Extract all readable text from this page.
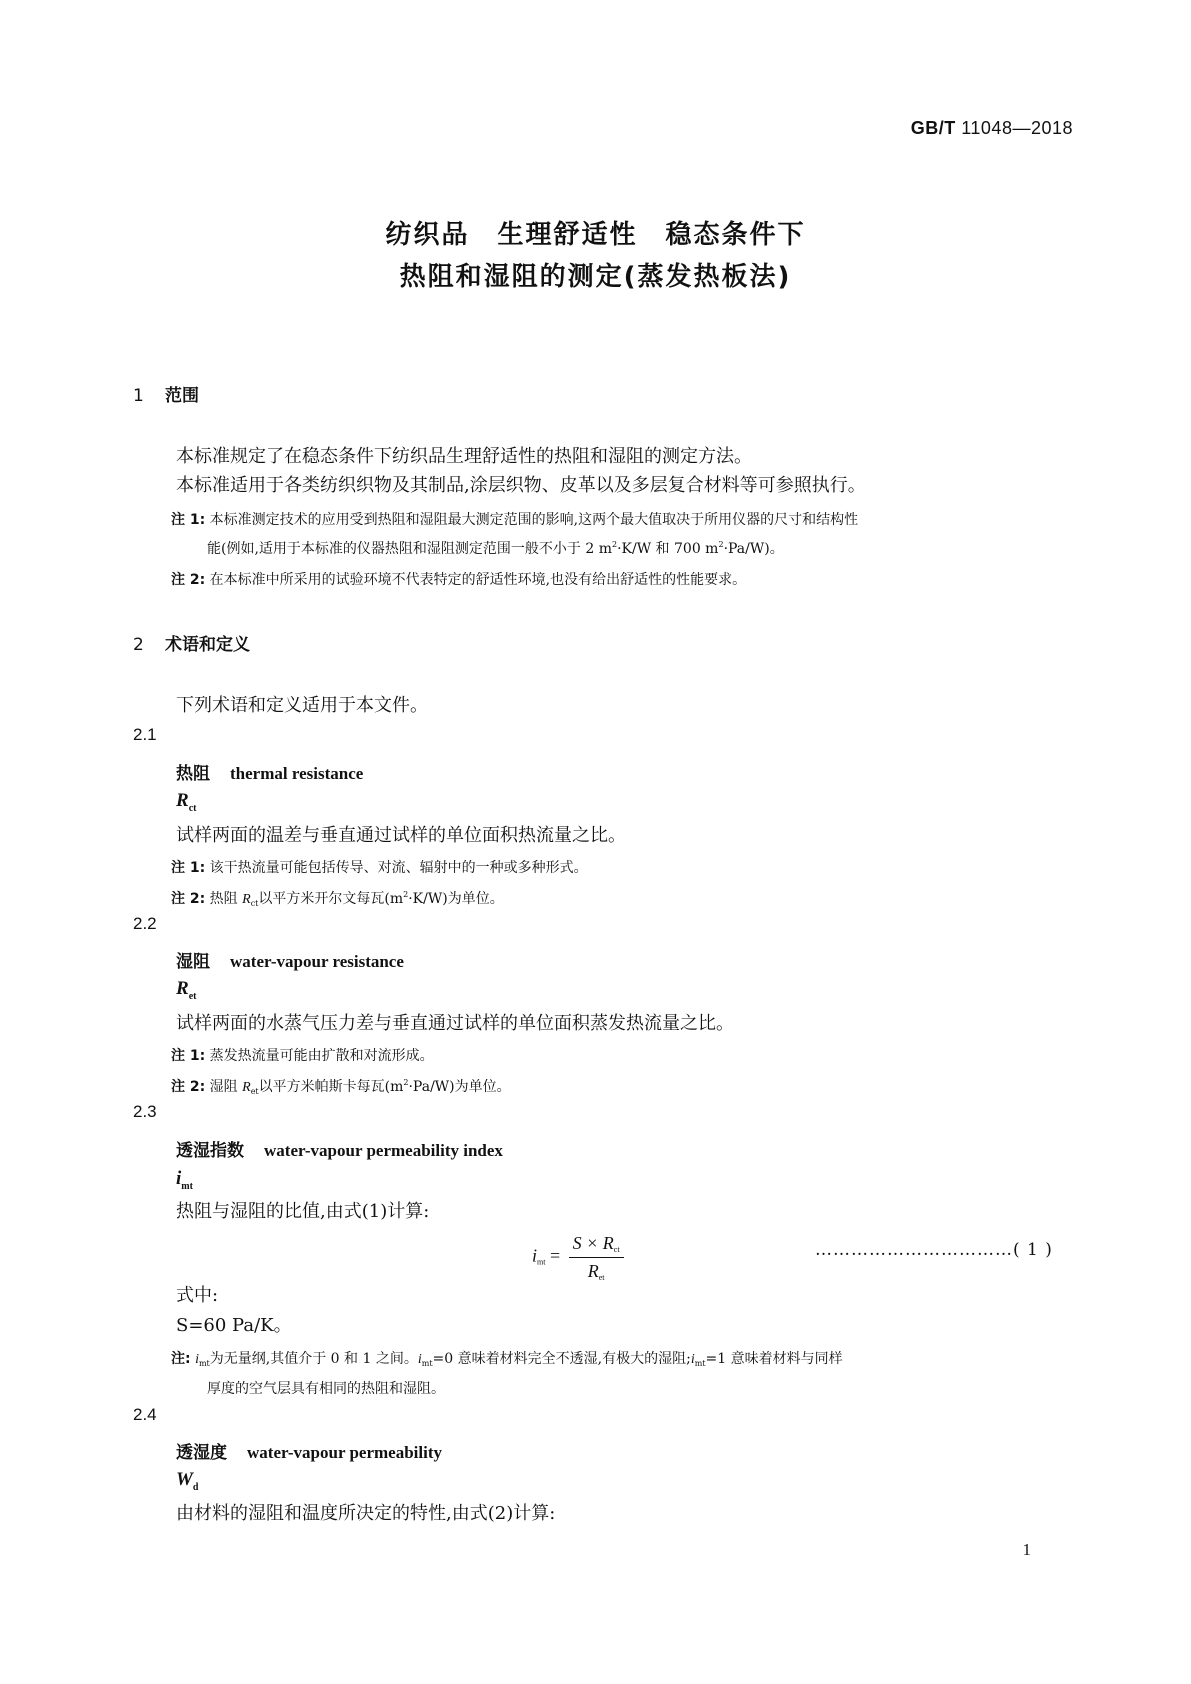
GB/T 11048—2018
纺织品　生理舒适性　稳态条件下
热阻和湿阻的测定(蒸发热板法)
1 范围
本标准规定了在稳态条件下纺织品生理舒适性的热阻和湿阻的测定方法。
本标准适用于各类纺织织物及其制品,涂层织物、皮革以及多层复合材料等可参照执行。
注 1: 本标准测定技术的应用受到热阻和湿阻最大测定范围的影响,这两个最大值取决于所用仪器的尺寸和结构性
能(例如,适用于本标准的仪器热阻和湿阻测定范围一般不小于 2 $m^2\cdot K/W$ 和 700 $m^2\cdot Pa/W$)。
注 2: 在本标准中所采用的试验环境不代表特定的舒适性环境,也没有给出舒适性的性能要求。
2 术语和定义
下列术语和定义适用于本文件。
2.1
热阻 thermal resistance
$R_{ct}$
试样两面的温差与垂直通过试样的单位面积热流量之比。
注 1: 该干热流量可能包括传导、对流、辐射中的一种或多种形式。
注 2: 热阻 $R_{ct}$以平方米开尔文每瓦$(m^2\cdot K/W)$为单位。
2.2
湿阻 water-vapour resistance
$R_{et}$
试样两面的水蒸气压力差与垂直通过试样的单位面积蒸发热流量之比。
注 1: 蒸发热流量可能由扩散和对流形成。
注 2: 湿阻 $R_{et}$以平方米帕斯卡每瓦$(m^2\cdot Pa/W)$为单位。
2.3
透湿指数 water-vapour permeability index
$i_{mt}$
热阻与湿阻的比值,由式(1)计算:
$i_{mt} = \frac{S \times R_{ct}}{R_{et}}$	……………………………( 1 )
式中:
S=60 Pa/K。
注: $i_{mt}$为无量纲,其值介于 0 和 1 之间。$i_{mt}=0$ 意味着材料完全不透湿,有极大的湿阻$;i_{mt}=1$ 意味着材料与同样
厚度的空气层具有相同的热阻和湿阻。
2.4
透湿度 water-vapour permeability
$W_d$
由材料的湿阻和温度所决定的特性,由式(2)计算:
1
